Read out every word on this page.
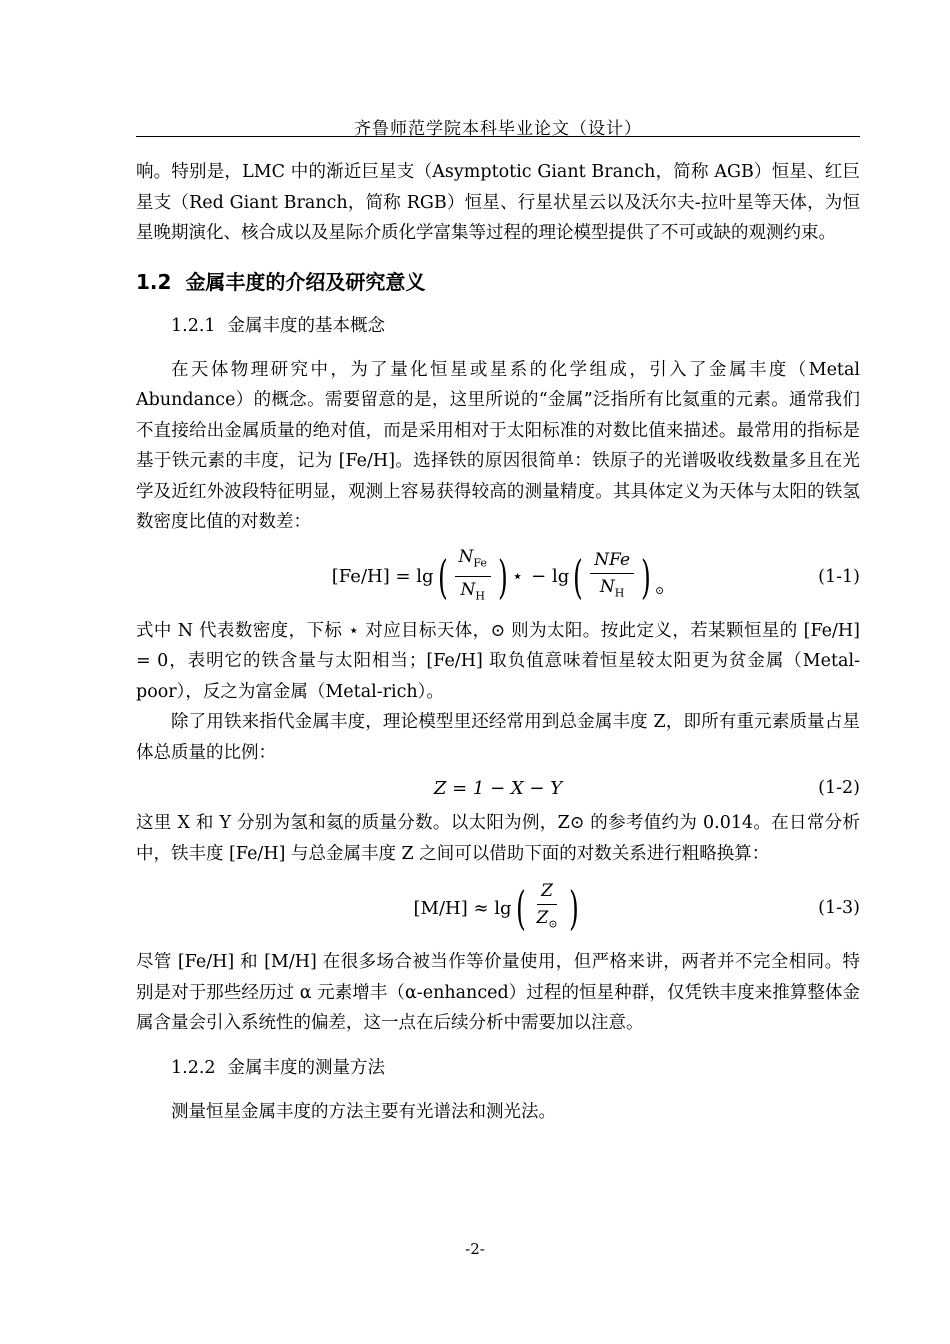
齐鲁师范学院本科毕业论文（设计）

响。特别是，LMC 中的渐近巨星支（Asymptotic Giant Branch，简称 AGB）恒星、红巨星支（Red Giant Branch，简称 RGB）恒星、行星状星云以及沃尔夫-拉叶星等天体，为恒星晚期演化、核合成以及星际介质化学富集等过程的理论模型提供了不可或缺的观测约束。

1.2 金属丰度的介绍及研究意义
1.2.1 金属丰度的基本概念

在天体物理研究中，为了量化恒星或星系的化学组成，引入了金属丰度（Metal Abundance）的概念。需要留意的是，这里所说的“金属”泛指所有比氦重的元素。通常我们不直接给出金属质量的绝对值，而是采用相对于太阳标准的对数比值来描述。最常用的指标是基于铁元素的丰度，记为 [Fe/H]。选择铁的原因很简单：铁原子的光谱吸收线数量多且在光学及近红外波段特征明显，观测上容易获得较高的测量精度。其具体定义为天体与太阳的铁氢数密度比值的对数差：

[Fe/H] = lg ( $\frac{N_{Fe}}{N_H}$ ) ⋆ − lg ( $\frac{\text{NFe}}{N_H}$ ) $_⊙$
(1-1)

式中 N 代表数密度，下标 ⋆ 对应目标天体，⊙ 则为太阳。按此定义，若某颗恒星的 [Fe/H] = 0，表明它的铁含量与太阳相当；[Fe/H] 取负值意味着恒星较太阳更为贫金属（Metal-poor），反之为富金属（Metal-rich）。

除了用铁来指代金属丰度，理论模型里还经常用到总金属丰度 Z，即所有重元素质量占星体总质量的比例：

Z = 1 − X − Y	(1-2)

这里 X 和 Y 分别为氢和氦的质量分数。以太阳为例，Z⊙ 的参考值约为 0.014。在日常分析中，铁丰度 [Fe/H] 与总金属丰度 Z 之间可以借助下面的对数关系进行粗略换算：

[M/H] ≈ lg ( $\frac{Z}{Z_⊙}$ )	(1-3)

尽管 [Fe/H] 和 [M/H] 在很多场合被当作等价量使用，但严格来讲，两者并不完全相同。特别是对于那些经历过 α 元素增丰（α-enhanced）过程的恒星种群，仅凭铁丰度来推算整体金属含量会引入系统性的偏差，这一点在后续分析中需要加以注意。

1.2.2 金属丰度的测量方法

测量恒星金属丰度的方法主要有光谱法和测光法。

-2-
